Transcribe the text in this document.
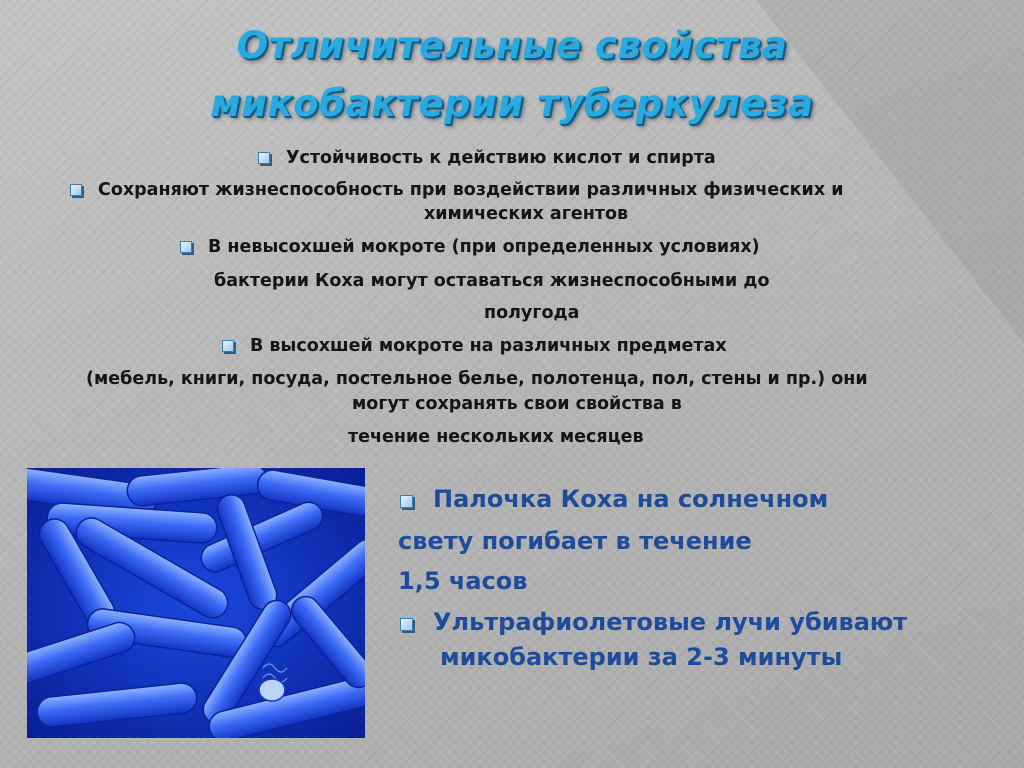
Отличительные свойства
микобактерии туберкулеза
Устойчивость к действию кислот и спирта
Сохраняют жизнеспособность при воздействии различных физических и
химических агентов
В невысохшей мокроте (при определенных условиях)
бактерии Коха могут оставаться жизнеспособными до
полугода
В высохшей мокроте на различных предметах
(мебель, книги, посуда, постельное белье, полотенца, пол, стены и пр.) они
могут сохранять свои свойства в
течение нескольких месяцев
Палочка Коха на солнечном
свету погибает в течение
1,5 часов
Ультрафиолетовые лучи убивают
микобактерии за 2-3 минуты
